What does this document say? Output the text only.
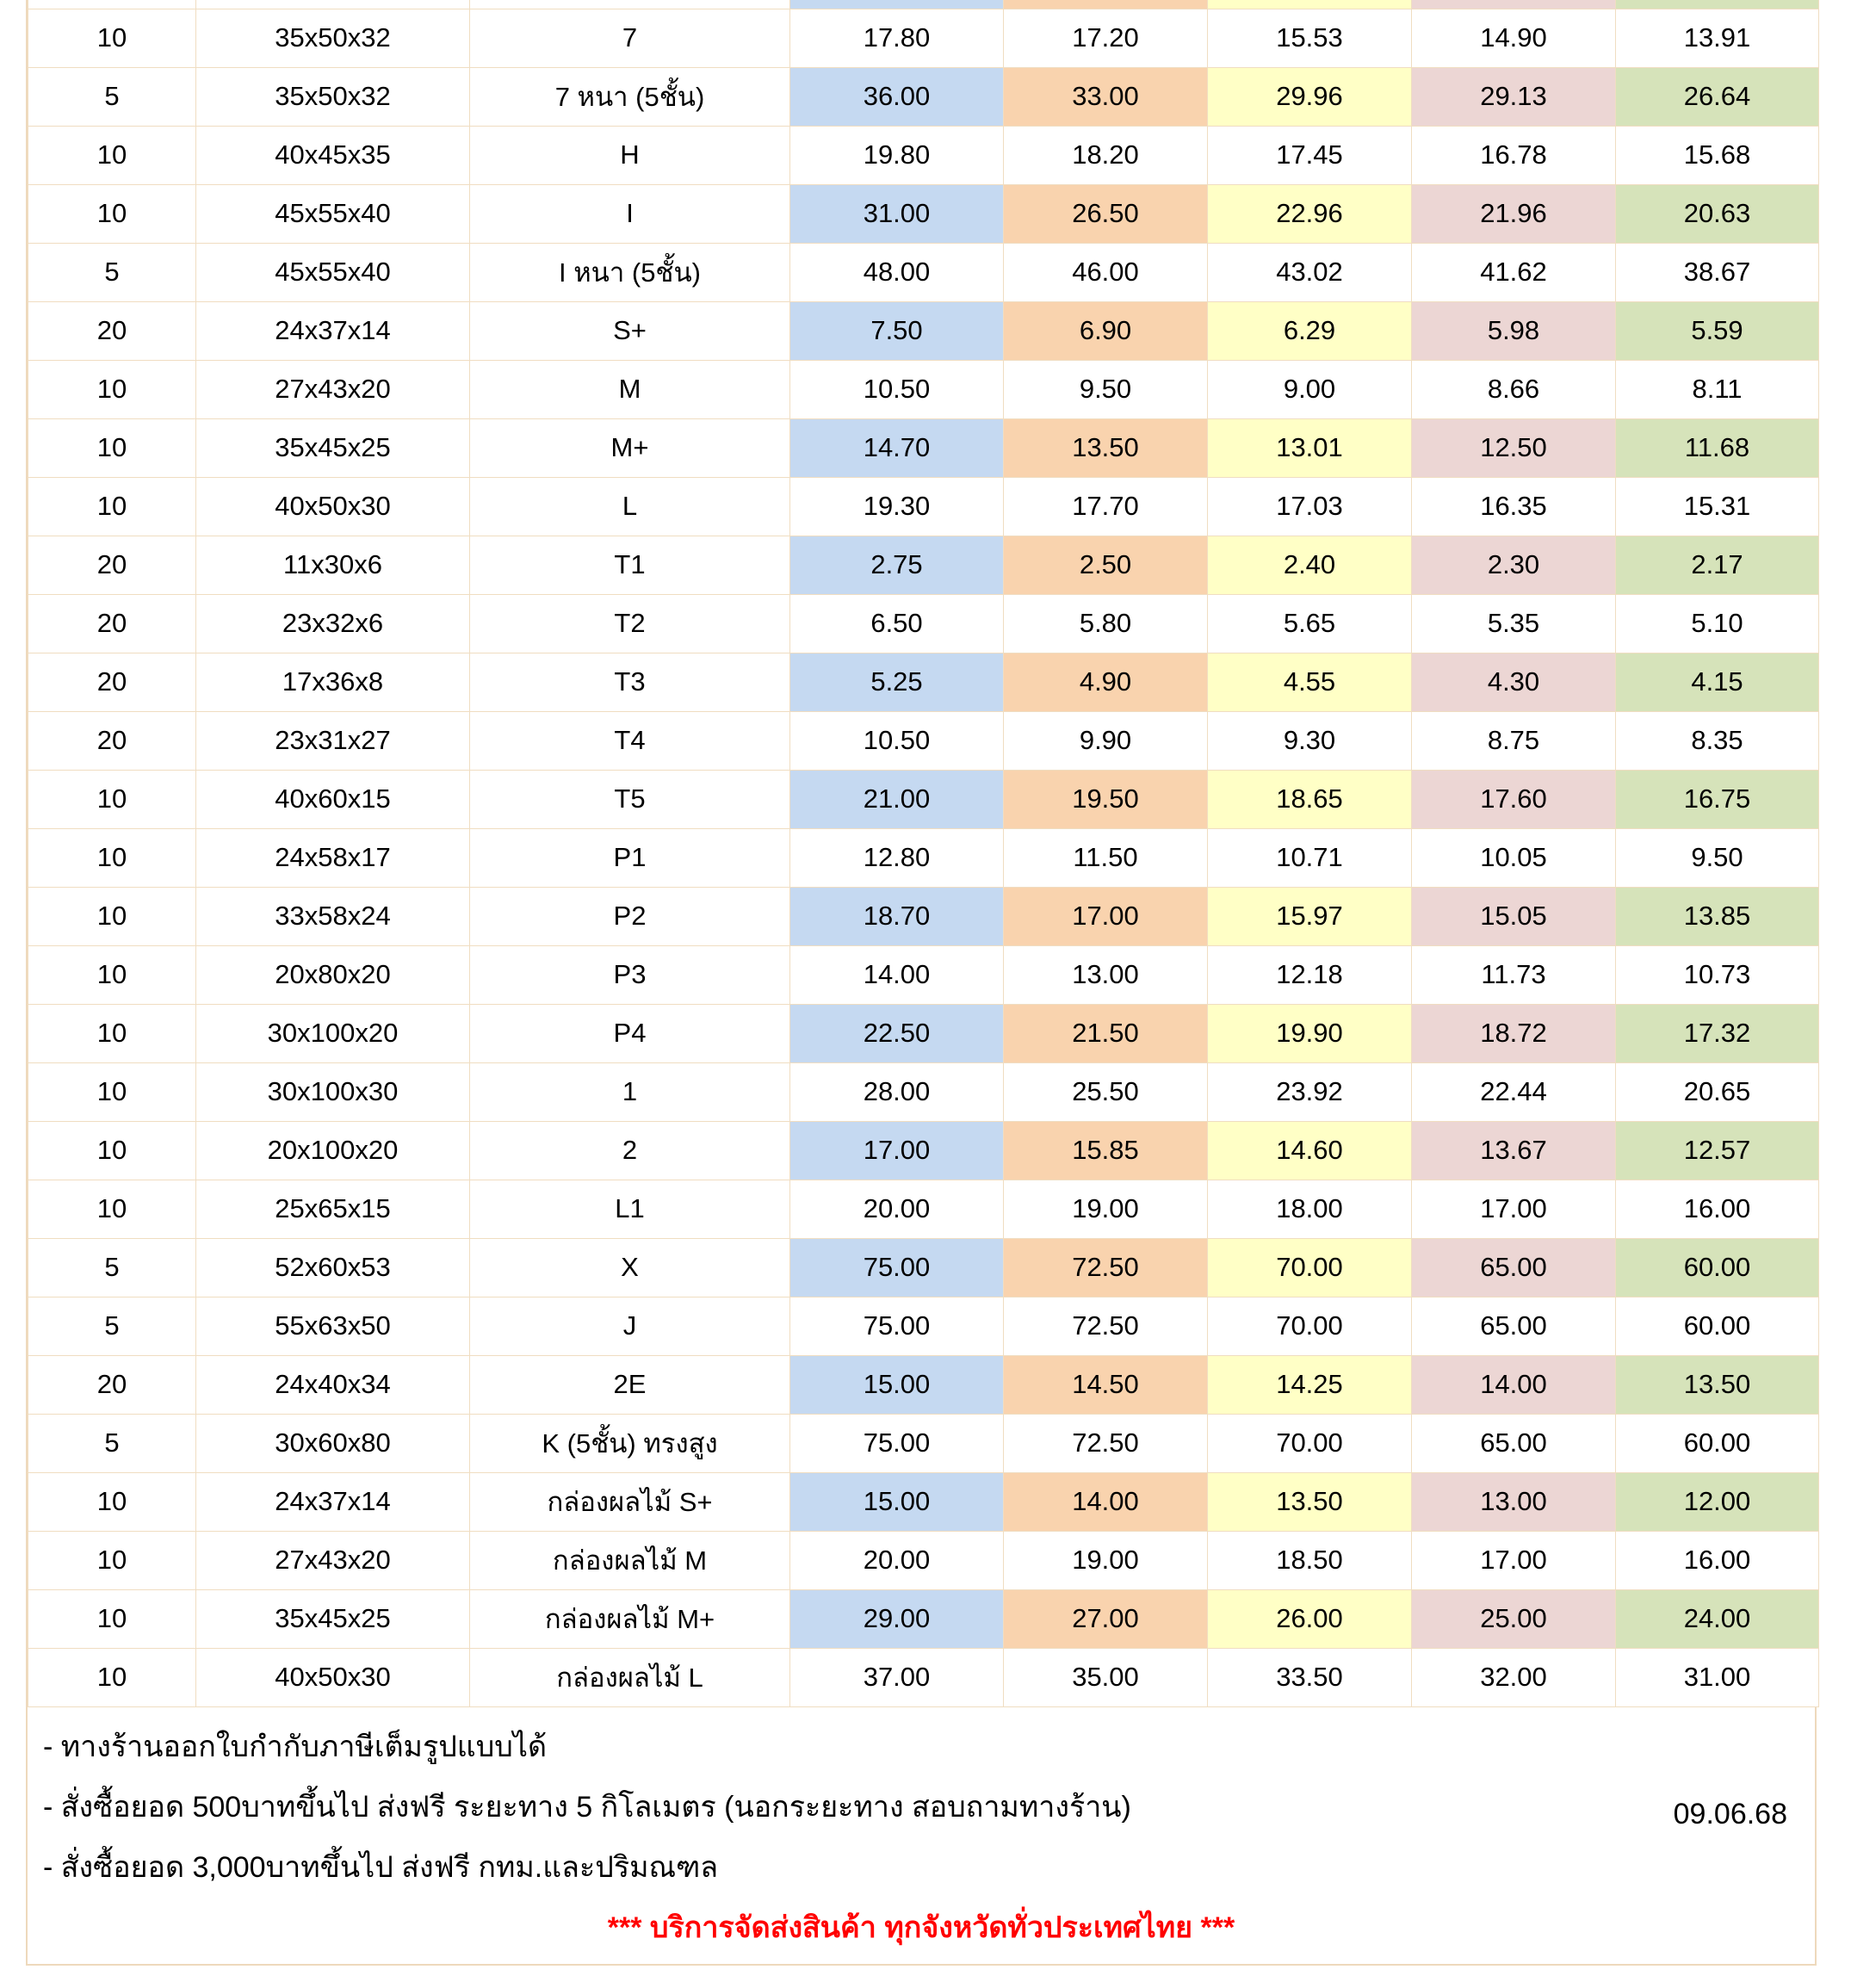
10	35x50x32	7	17.80	17.20	15.53	14.90	13.91
5	35x50x32	7 หนา (5ชั้น)	36.00	33.00	29.96	29.13	26.64
10	40x45x35	H	19.80	18.20	17.45	16.78	15.68
10	45x55x40	I	31.00	26.50	22.96	21.96	20.63
5	45x55x40	I หนา (5ชั้น)	48.00	46.00	43.02	41.62	38.67
20	24x37x14	S+	7.50	6.90	6.29	5.98	5.59
10	27x43x20	M	10.50	9.50	9.00	8.66	8.11
10	35x45x25	M+	14.70	13.50	13.01	12.50	11.68
10	40x50x30	L	19.30	17.70	17.03	16.35	15.31
20	11x30x6	T1	2.75	2.50	2.40	2.30	2.17
20	23x32x6	T2	6.50	5.80	5.65	5.35	5.10
20	17x36x8	T3	5.25	4.90	4.55	4.30	4.15
20	23x31x27	T4	10.50	9.90	9.30	8.75	8.35
10	40x60x15	T5	21.00	19.50	18.65	17.60	16.75
10	24x58x17	P1	12.80	11.50	10.71	10.05	9.50
10	33x58x24	P2	18.70	17.00	15.97	15.05	13.85
10	20x80x20	P3	14.00	13.00	12.18	11.73	10.73
10	30x100x20	P4	22.50	21.50	19.90	18.72	17.32
10	30x100x30	1	28.00	25.50	23.92	22.44	20.65
10	20x100x20	2	17.00	15.85	14.60	13.67	12.57
10	25x65x15	L1	20.00	19.00	18.00	17.00	16.00
5	52x60x53	X	75.00	72.50	70.00	65.00	60.00
5	55x63x50	J	75.00	72.50	70.00	65.00	60.00
20	24x40x34	2E	15.00	14.50	14.25	14.00	13.50
5	30x60x80	K (5ชั้น) ทรงสูง	75.00	72.50	70.00	65.00	60.00
10	24x37x14	กล่องผลไม้ S+	15.00	14.00	13.50	13.00	12.00
10	27x43x20	กล่องผลไม้ M	20.00	19.00	18.50	17.00	16.00
10	35x45x25	กล่องผลไม้ M+	29.00	27.00	26.00	25.00	24.00
10	40x50x30	กล่องผลไม้ L	37.00	35.00	33.50	32.00	31.00
- ทางร้านออกใบกำกับภาษีเต็มรูปแบบได้
- สั่งซื้อยอด 500บาทขึ้นไป ส่งฟรี ระยะทาง 5 กิโลเมตร (นอกระยะทาง สอบถามทางร้าน)
- สั่งซื้อยอด 3,000บาทขึ้นไป ส่งฟรี กทม.และปริมณฑล
*** บริการจัดส่งสินค้า ทุกจังหวัดทั่วประเทศไทย ***
09.06.68
